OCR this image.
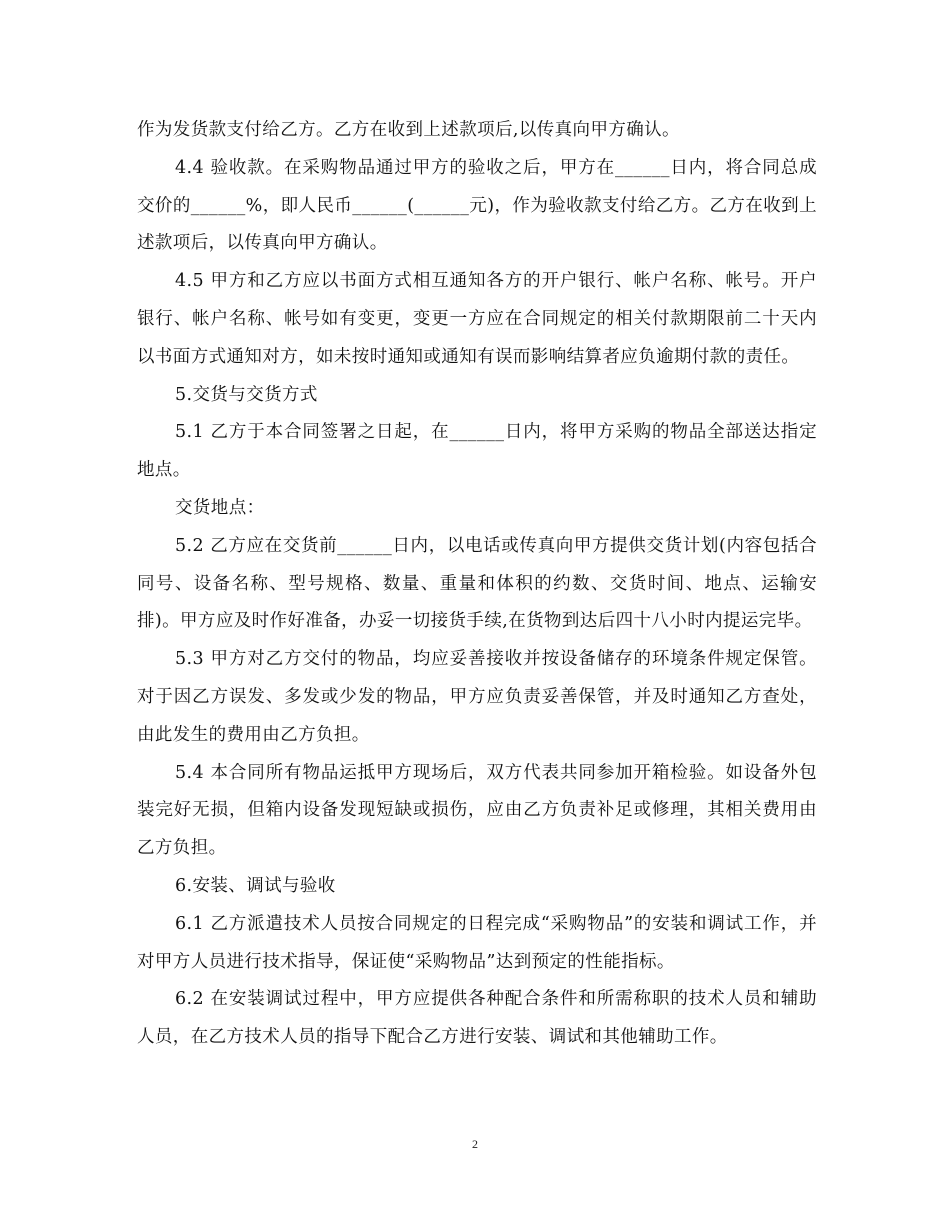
作为发货款支付给乙方。乙方在收到上述款项后,以传真向甲方确认。

4.4 验收款。在采购物品通过甲方的验收之后，甲方在______日内，将合同总成交价的______%，即人民币______(______元)，作为验收款支付给乙方。乙方在收到上述款项后，以传真向甲方确认。

4.5 甲方和乙方应以书面方式相互通知各方的开户银行、帐户名称、帐号。开户银行、帐户名称、帐号如有变更，变更一方应在合同规定的相关付款期限前二十天内以书面方式通知对方，如未按时通知或通知有误而影响结算者应负逾期付款的责任。

5.交货与交货方式

5.1 乙方于本合同签署之日起，在______日内，将甲方采购的物品全部送达指定地点。

交货地点：

5.2 乙方应在交货前______日内，以电话或传真向甲方提供交货计划(内容包括合同号、设备名称、型号规格、数量、重量和体积的约数、交货时间、地点、运输安排)。甲方应及时作好准备，办妥一切接货手续,在货物到达后四十八小时内提运完毕。

5.3 甲方对乙方交付的物品，均应妥善接收并按设备储存的环境条件规定保管。对于因乙方误发、多发或少发的物品，甲方应负责妥善保管，并及时通知乙方查处，由此发生的费用由乙方负担。

5.4 本合同所有物品运抵甲方现场后，双方代表共同参加开箱检验。如设备外包装完好无损，但箱内设备发现短缺或损伤，应由乙方负责补足或修理，其相关费用由乙方负担。

6.安装、调试与验收

6.1 乙方派遣技术人员按合同规定的日程完成“采购物品”的安装和调试工作，并对甲方人员进行技术指导，保证使“采购物品”达到预定的性能指标。

6.2 在安装调试过程中，甲方应提供各种配合条件和所需称职的技术人员和辅助人员，在乙方技术人员的指导下配合乙方进行安装、调试和其他辅助工作。

2
